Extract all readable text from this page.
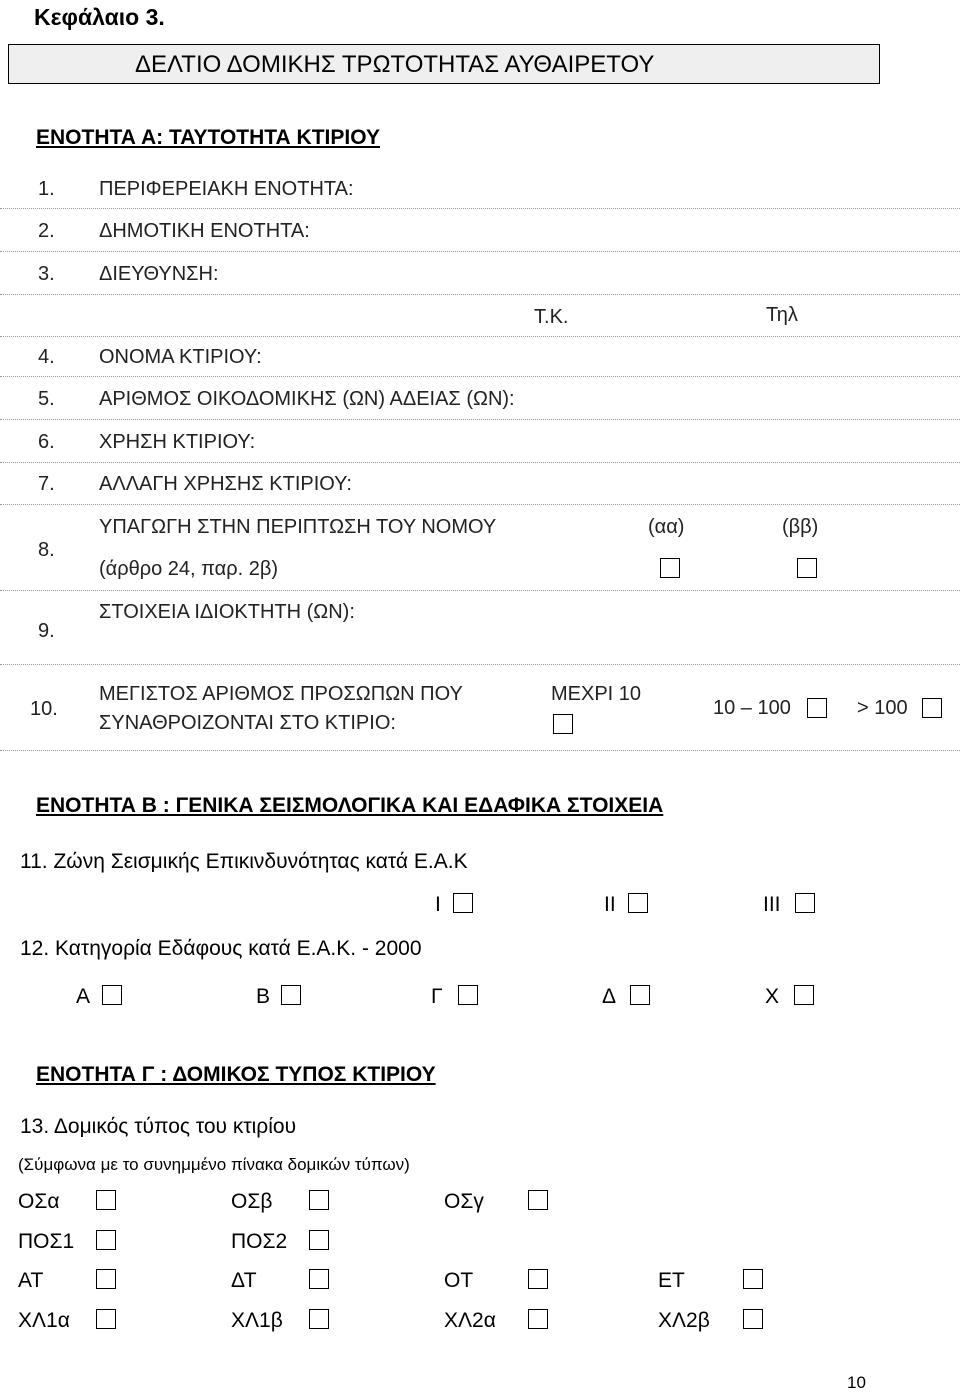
Κεφάλαιο 3.
ΔΕΛΤΙΟ ΔΟΜΙΚΗΣ ΤΡΩΤΟΤΗΤΑΣ ΑΥΘΑΙΡΕΤΟΥ
ΕΝΟΤΗΤΑ Α: ΤΑΥΤΟΤΗΤΑ ΚΤΙΡΙΟΥ
1. ΠΕΡΙΦΕΡΕΙΑΚΗ ΕΝΟΤΗΤΑ:
2. ΔΗΜΟΤΙΚΗ ΕΝΟΤΗΤΑ:
3. ΔΙΕΥΘΥΝΣΗ:
Τ.Κ.	Τηλ
4. ΟΝΟΜΑ ΚΤΙΡΙΟΥ:
5. ΑΡΙΘΜΟΣ ΟΙΚΟΔΟΜΙΚΗΣ (ΩΝ) ΑΔΕΙΑΣ (ΩΝ):
6. ΧΡΗΣΗ ΚΤΙΡΙΟΥ:
7. ΑΛΛΑΓΗ ΧΡΗΣΗΣ ΚΤΙΡΙΟΥ:
8.
ΥΠΑΓΩΓΗ ΣΤΗΝ ΠΕΡΙΠΤΩΣΗ ΤΟΥ ΝΟΜΟΥ
(άρθρο 24, παρ. 2β)
(αα)	(ββ)
9.
ΣΤΟΙΧΕΙΑ ΙΔΙΟΚΤΗΤΗ (ΩΝ):
10.
ΜΕΓΙΣΤΟΣ ΑΡΙΘΜΟΣ ΠΡΟΣΩΠΩΝ ΠΟΥ
ΣΥΝΑΘΡΟΙΖΟΝΤΑΙ ΣΤΟ ΚΤΙΡΙΟ:
ΜΕΧΡΙ 10
10 – 100	> 100
ΕΝΟΤΗΤΑ Β : ΓΕΝΙΚΑ ΣΕΙΣΜΟΛΟΓΙΚΑ ΚΑΙ ΕΔΑΦΙΚΑ ΣΤΟΙΧΕΙΑ
11. Ζώνη Σεισμικής Επικινδυνότητας κατά Ε.Α.Κ
Ι	ΙΙ	ΙΙΙ
12. Κατηγορία Εδάφους κατά Ε.Α.Κ. - 2000
Α	Β	Γ	Δ	Χ
ΕΝΟΤΗΤΑ Γ : ΔΟΜΙΚΟΣ ΤΥΠΟΣ ΚΤΙΡΙΟΥ
13. Δομικός τύπος του κτιρίου
(Σύμφωνα με το συνημμένο πίνακα δομικών τύπων)
ΟΣα	ΟΣβ	ΟΣγ
ΠΟΣ1	ΠΟΣ2
ΑΤ	ΔΤ	ΟΤ	ΕΤ
ΧΛ1α	ΧΛ1β	ΧΛ2α	ΧΛ2β
10
